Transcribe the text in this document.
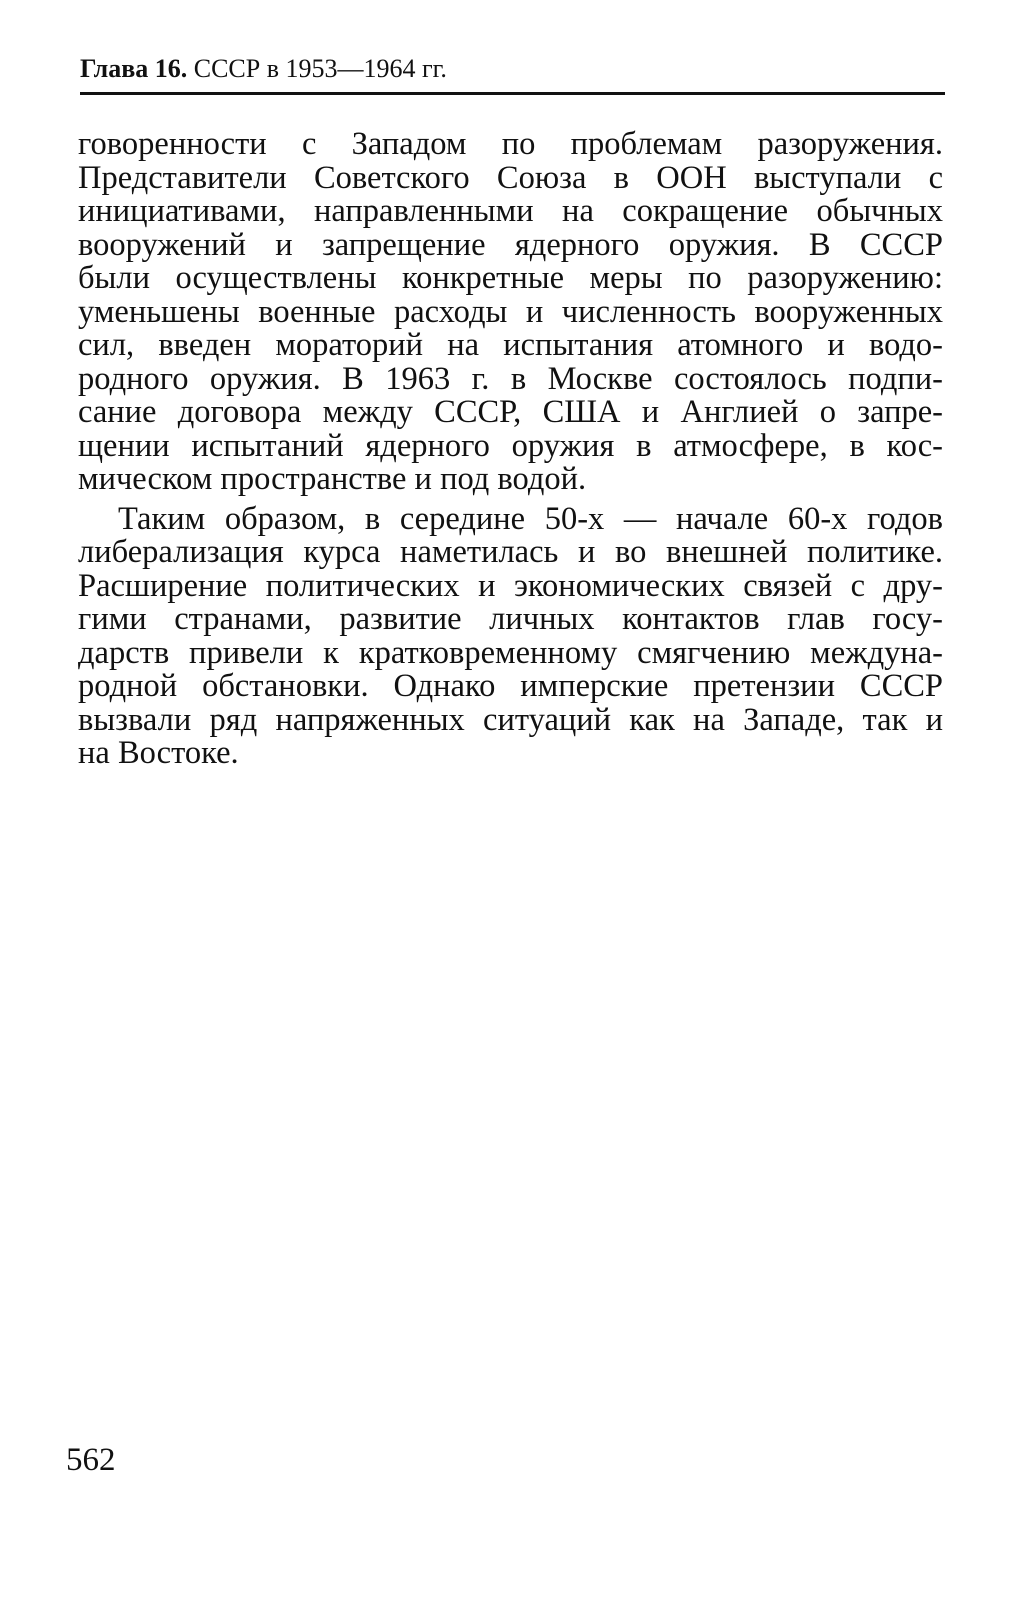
Глава 16. СССР в 1953—1964 гг.
говоренности с Западом по проблемам разоружения.
Представители Советского Союза в ООН выступали с
инициативами, направленными на сокращение обычных
вооружений и запрещение ядерного оружия. В СССР
были осуществлены конкретные меры по разоружению:
уменьшены военные расходы и численность вооруженных
сил, введен мораторий на испытания атомного и водо-
родного оружия. В 1963 г. в Москве состоялось подпи-
сание договора между СССР, США и Англией о запре-
щении испытаний ядерного оружия в атмосфере, в кос-
мическом пространстве и под водой.
Таким образом, в середине 50-х — начале 60-х годов
либерализация курса наметилась и во внешней политике.
Расширение политических и экономических связей с дру-
гими странами, развитие личных контактов глав госу-
дарств привели к кратковременному смягчению междуна-
родной обстановки. Однако имперские претензии СССР
вызвали ряд напряженных ситуаций как на Западе, так и
на Востоке.
562
